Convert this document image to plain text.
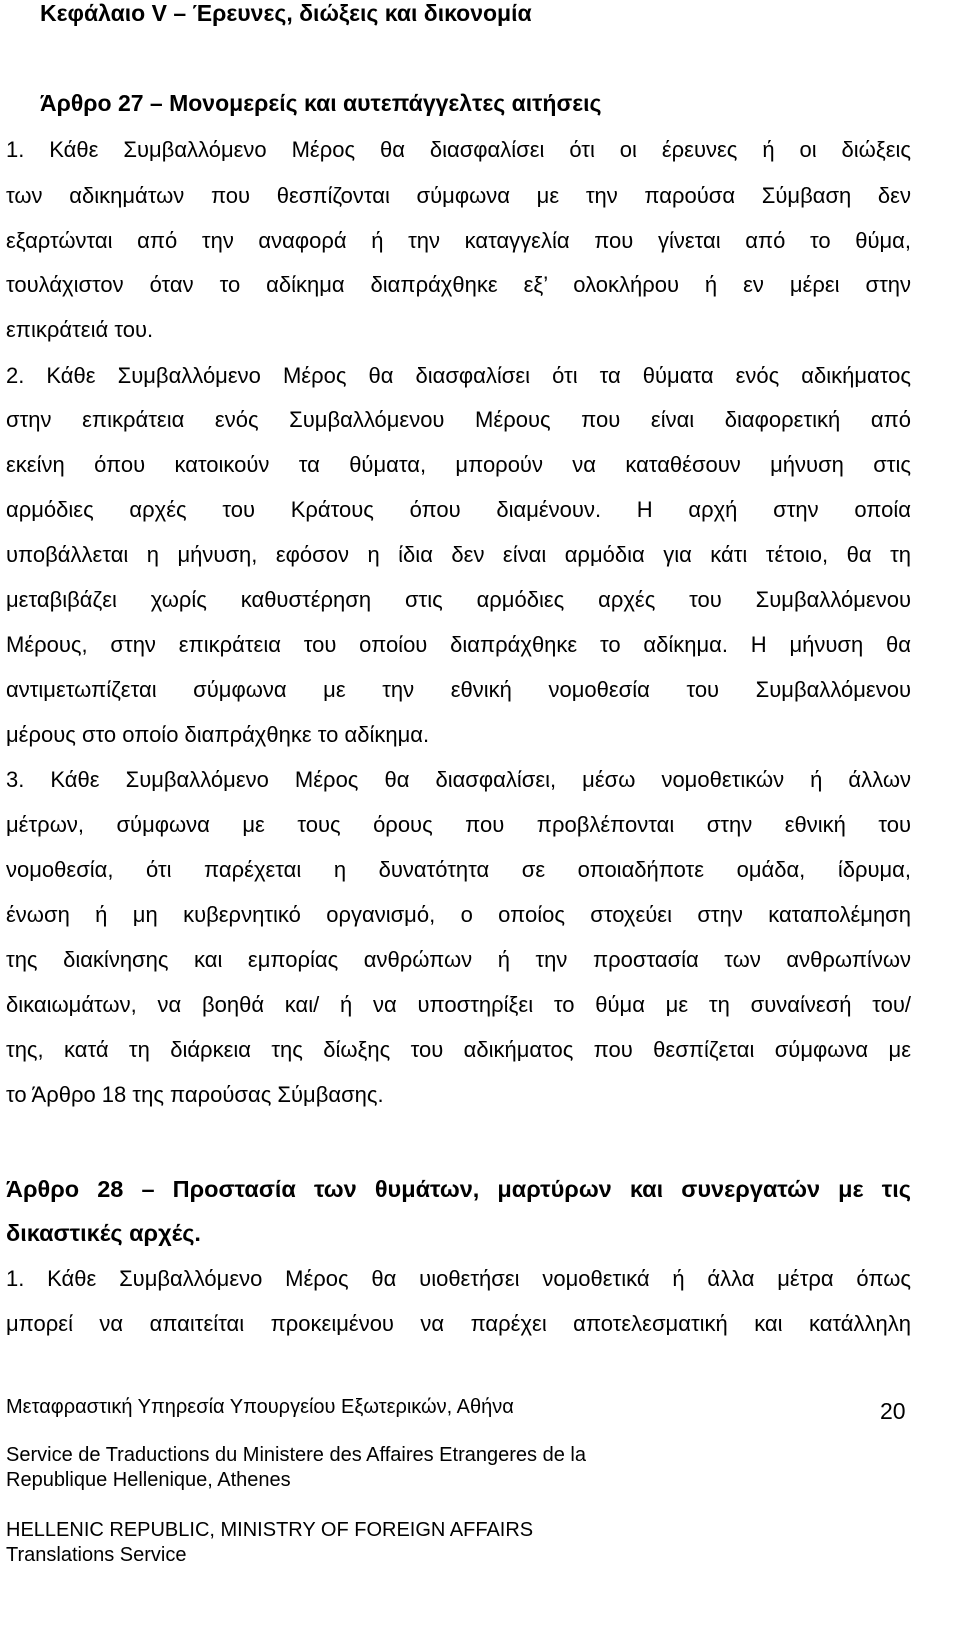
Κεφάλαιο V – Έρευνες, διώξεις και δικονομία
Άρθρο 27 – Μονομερείς και αυτεπάγγελτες αιτήσεις
1. Κάθε Συμβαλλόμενο Μέρος θα διασφαλίσει ότι οι έρευνες ή οι διώξεις
των αδικημάτων που θεσπίζονται σύμφωνα με την παρούσα Σύμβαση δεν
εξαρτώνται από την αναφορά ή την καταγγελία που γίνεται από το θύμα,
τουλάχιστον όταν το αδίκημα διαπράχθηκε εξ’ ολοκλήρου ή εν μέρει στην
επικράτειά του.
2. Κάθε Συμβαλλόμενο Μέρος θα διασφαλίσει ότι τα θύματα ενός αδικήματος
στην επικράτεια ενός Συμβαλλόμενου Μέρους που είναι διαφορετική από
εκείνη όπου κατοικούν τα θύματα, μπορούν να καταθέσουν μήνυση στις
αρμόδιες αρχές του Κράτους όπου διαμένουν. Η αρχή στην οποία
υποβάλλεται η μήνυση, εφόσον η ίδια δεν είναι αρμόδια για κάτι τέτοιο, θα τη
μεταβιβάζει χωρίς καθυστέρηση στις αρμόδιες αρχές του Συμβαλλόμενου
Μέρους, στην επικράτεια του οποίου διαπράχθηκε το αδίκημα. Η μήνυση θα
αντιμετωπίζεται σύμφωνα με την εθνική νομοθεσία του Συμβαλλόμενου
μέρους στο οποίο διαπράχθηκε το αδίκημα.
3. Κάθε Συμβαλλόμενο Μέρος θα διασφαλίσει, μέσω νομοθετικών ή άλλων
μέτρων, σύμφωνα με τους όρους που προβλέπονται στην εθνική του
νομοθεσία, ότι παρέχεται η δυνατότητα σε οποιαδήποτε ομάδα, ίδρυμα,
ένωση ή μη κυβερνητικό οργανισμό, ο οποίος στοχεύει στην καταπολέμηση
της διακίνησης και εμπορίας ανθρώπων ή την προστασία των ανθρωπίνων
δικαιωμάτων, να βοηθά και/ ή να υποστηρίξει το θύμα με τη συναίνεσή του/
της, κατά τη διάρκεια της δίωξης του αδικήματος που θεσπίζεται σύμφωνα με
το Άρθρο 18 της παρούσας Σύμβασης.
Άρθρο 28 – Προστασία των θυμάτων, μαρτύρων και συνεργατών με τις
δικαστικές αρχές.
1. Κάθε Συμβαλλόμενο Μέρος θα υιοθετήσει νομοθετικά ή άλλα μέτρα όπως
μπορεί να απαιτείται προκειμένου να παρέχει αποτελεσματική και κατάλληλη
Μεταφραστική Υπηρεσία Υπουργείου Εξωτερικών, Αθήνα	20
Service de Traductions du Ministere des Affaires Etrangeres de la
Republique Hellenique, Athenes
HELLENIC REPUBLIC, MINISTRY OF FOREIGN AFFAIRS
Translations Service
